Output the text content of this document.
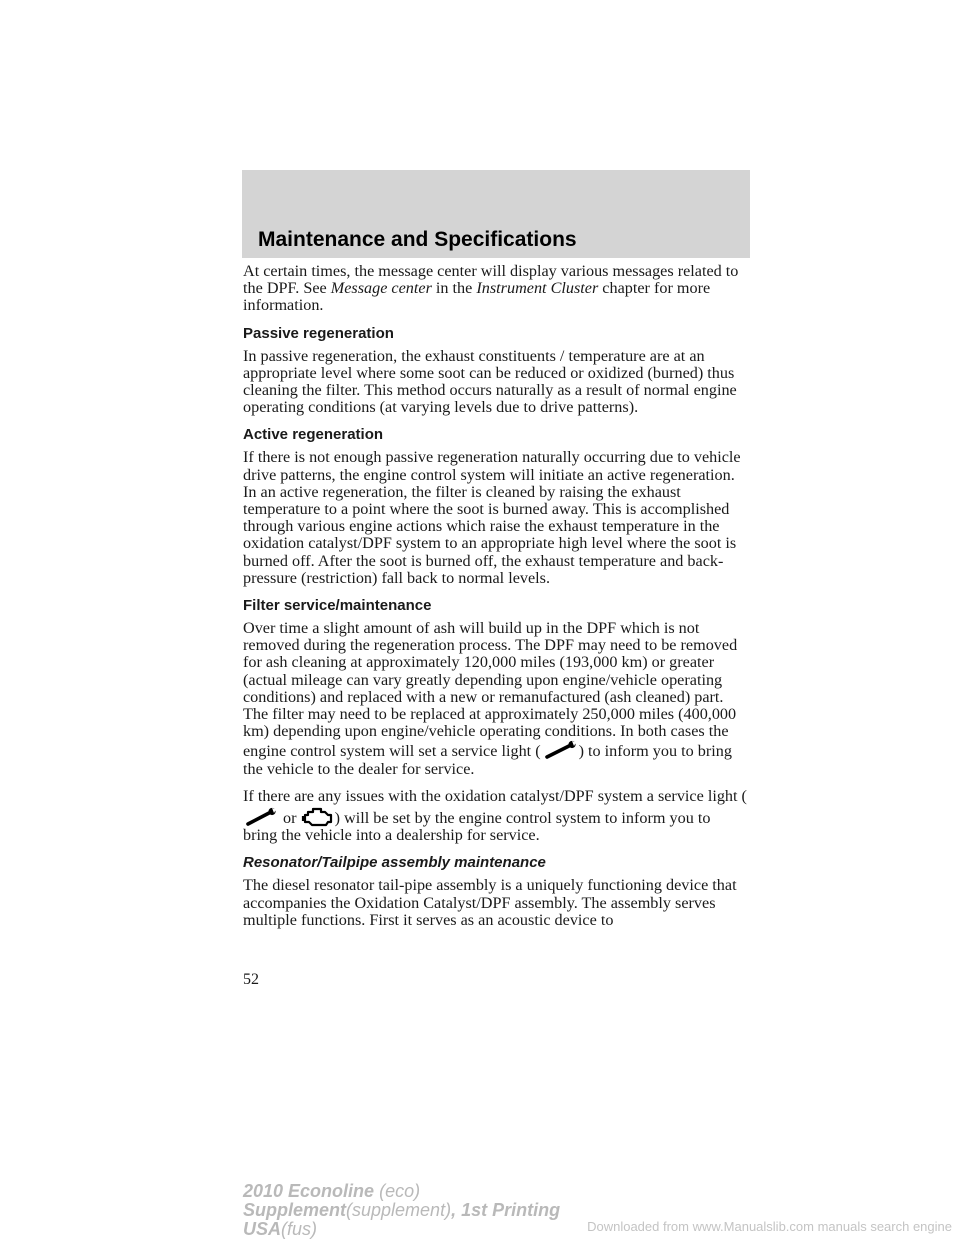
Maintenance and Specifications

At certain times, the message center will display various messages related to the DPF. See Message center in the Instrument Cluster chapter for more information.

Passive regeneration

In passive regeneration, the exhaust constituents / temperature are at an appropriate level where some soot can be reduced or oxidized (burned) thus cleaning the filter. This method occurs naturally as a result of normal engine operating conditions (at varying levels due to drive patterns).

Active regeneration

If there is not enough passive regeneration naturally occurring due to vehicle drive patterns, the engine control system will initiate an active regeneration. In an active regeneration, the filter is cleaned by raising the exhaust temperature to a point where the soot is burned away. This is accomplished through various engine actions which raise the exhaust temperature in the oxidation catalyst/DPF system to an appropriate high level where the soot is burned off. After the soot is burned off, the exhaust temperature and back-pressure (restriction) fall back to normal levels.

Filter service/maintenance

Over time a slight amount of ash will build up in the DPF which is not removed during the regeneration process. The DPF may need to be removed for ash cleaning at approximately 120,000 miles (193,000 km) or greater (actual mileage can vary greatly depending upon engine/vehicle operating conditions) and replaced with a new or remanufactured (ash cleaned) part. The filter may need to be replaced at approximately 250,000 miles (400,000 km) depending upon engine/vehicle operating conditions. In both cases the engine control system will set a service light ( ) to inform you to bring the vehicle to the dealer for service.

If there are any issues with the oxidation catalyst/DPF system a service light (
or
) will be set by the engine control system to inform you to bring the vehicle into a dealership for service.

Resonator/Tailpipe assembly maintenance

The diesel resonator tail-pipe assembly is a uniquely functioning device that accompanies the Oxidation Catalyst/DPF assembly. The assembly serves multiple functions. First it serves as an acoustic device to

52
2010 Econoline (eco)
Supplement(supplement), 1st Printing
USA(fus)	Downloaded from www.Manualslib.com manuals search engine
